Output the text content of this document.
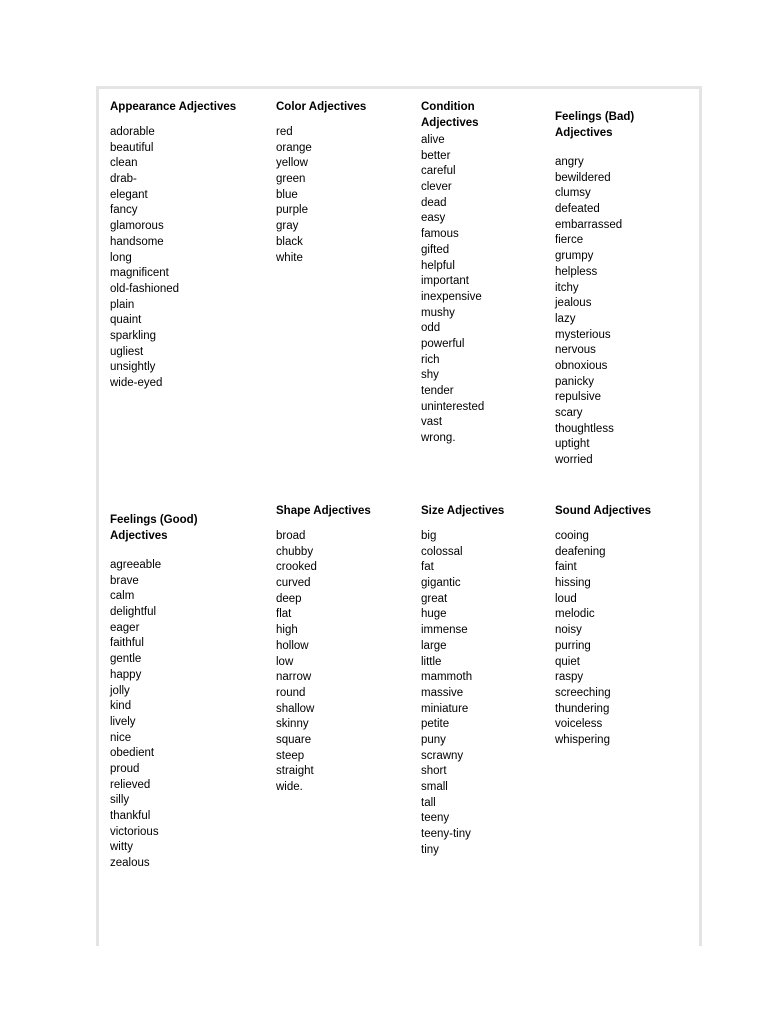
Appearance Adjectives
adorable
beautiful
clean
drab-
elegant
fancy
glamorous
handsome
long
magnificent
old-fashioned
plain
quaint
sparkling
ugliest
unsightly
wide-eyed
Color Adjectives
red
orange
yellow
green
blue
purple
gray
black
white
Condition
Adjectives
alive
better
careful
clever
dead
easy
famous
gifted
helpful
important
inexpensive
mushy
odd
powerful
rich
shy
tender
uninterested
vast
wrong.
Feelings (Bad)
Adjectives
angry
bewildered
clumsy
defeated
embarrassed
fierce
grumpy
helpless
itchy
jealous
lazy
mysterious
nervous
obnoxious
panicky
repulsive
scary
thoughtless
uptight
worried
Feelings (Good)
Adjectives
agreeable
brave
calm
delightful
eager
faithful
gentle
happy
jolly
kind
lively
nice
obedient
proud
relieved
silly
thankful
victorious
witty
zealous
Shape Adjectives
broad
chubby
crooked
curved
deep
flat
high
hollow
low
narrow
round
shallow
skinny
square
steep
straight
wide.
Size Adjectives
big
colossal
fat
gigantic
great
huge
immense
large
little
mammoth
massive
miniature
petite
puny
scrawny
short
small
tall
teeny
teeny-tiny
tiny
Sound Adjectives
cooing
deafening
faint
hissing
loud
melodic
noisy
purring
quiet
raspy
screeching
thundering
voiceless
whispering
